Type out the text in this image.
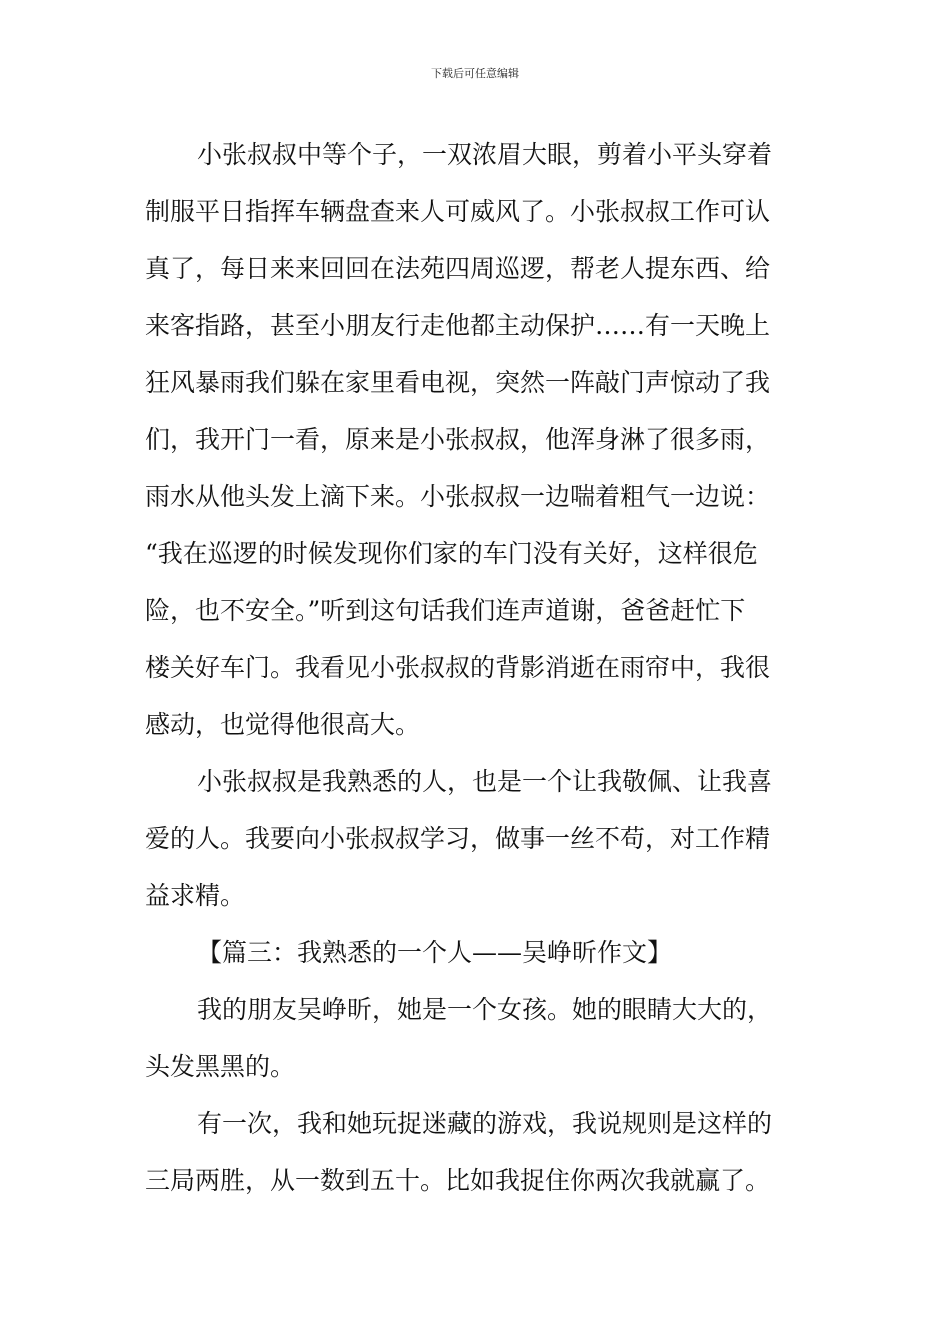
下载后可任意编辑
小张叔叔中等个子，一双浓眉大眼，剪着小平头穿着
制服平日指挥车辆盘查来人可威风了。小张叔叔工作可认
真了，每日来来回回在法苑四周巡逻，帮老人提东西、给
来客指路，甚至小朋友行走他都主动保护……有一天晚上
狂风暴雨我们躲在家里看电视，突然一阵敲门声惊动了我
们，我开门一看，原来是小张叔叔，他浑身淋了很多雨，
雨水从他头发上滴下来。小张叔叔一边喘着粗气一边说：
“我在巡逻的时候发现你们家的车门没有关好，这样很危
险，也不安全。”听到这句话我们连声道谢，爸爸赶忙下
楼关好车门。我看见小张叔叔的背影消逝在雨帘中，我很
感动，也觉得他很高大。
小张叔叔是我熟悉的人，也是一个让我敬佩、让我喜
爱的人。我要向小张叔叔学习，做事一丝不苟，对工作精
益求精。
【篇三：我熟悉的一个人——吴峥昕作文】
我的朋友吴峥昕，她是一个女孩。她的眼睛大大的，
头发黑黑的。
有一次，我和她玩捉迷藏的游戏，我说规则是这样的
三局两胜，从一数到五十。比如我捉住你两次我就赢了。
